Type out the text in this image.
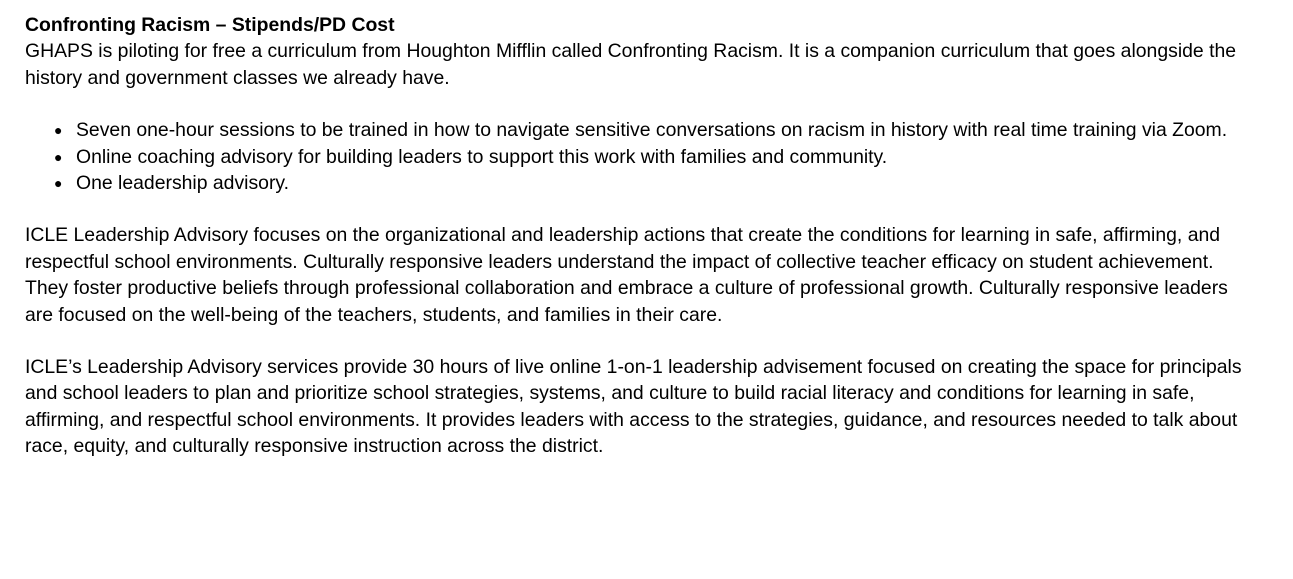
Confronting Racism – Stipends/PD Cost

GHAPS is piloting for free a curriculum from Houghton Mifflin called Confronting Racism. It is a companion curriculum that goes alongside the history and government classes we already have.

● Seven one-hour sessions to be trained in how to navigate sensitive conversations on racism in history with real time training via Zoom.
● Online coaching advisory for building leaders to support this work with families and community.
● One leadership advisory.

ICLE Leadership Advisory focuses on the organizational and leadership actions that create the conditions for learning in safe, affirming, and respectful school environments. Culturally responsive leaders understand the impact of collective teacher efficacy on student achievement. They foster productive beliefs through professional collaboration and embrace a culture of professional growth. Culturally responsive leaders are focused on the well-being of the teachers, students, and families in their care.

ICLE’s Leadership Advisory services provide 30 hours of live online 1-on-1 leadership advisement focused on creating the space for principals and school leaders to plan and prioritize school strategies, systems, and culture to build racial literacy and conditions for learning in safe, affirming, and respectful school environments. It provides leaders with access to the strategies, guidance, and resources needed to talk about race, equity, and culturally responsive instruction across the district.
